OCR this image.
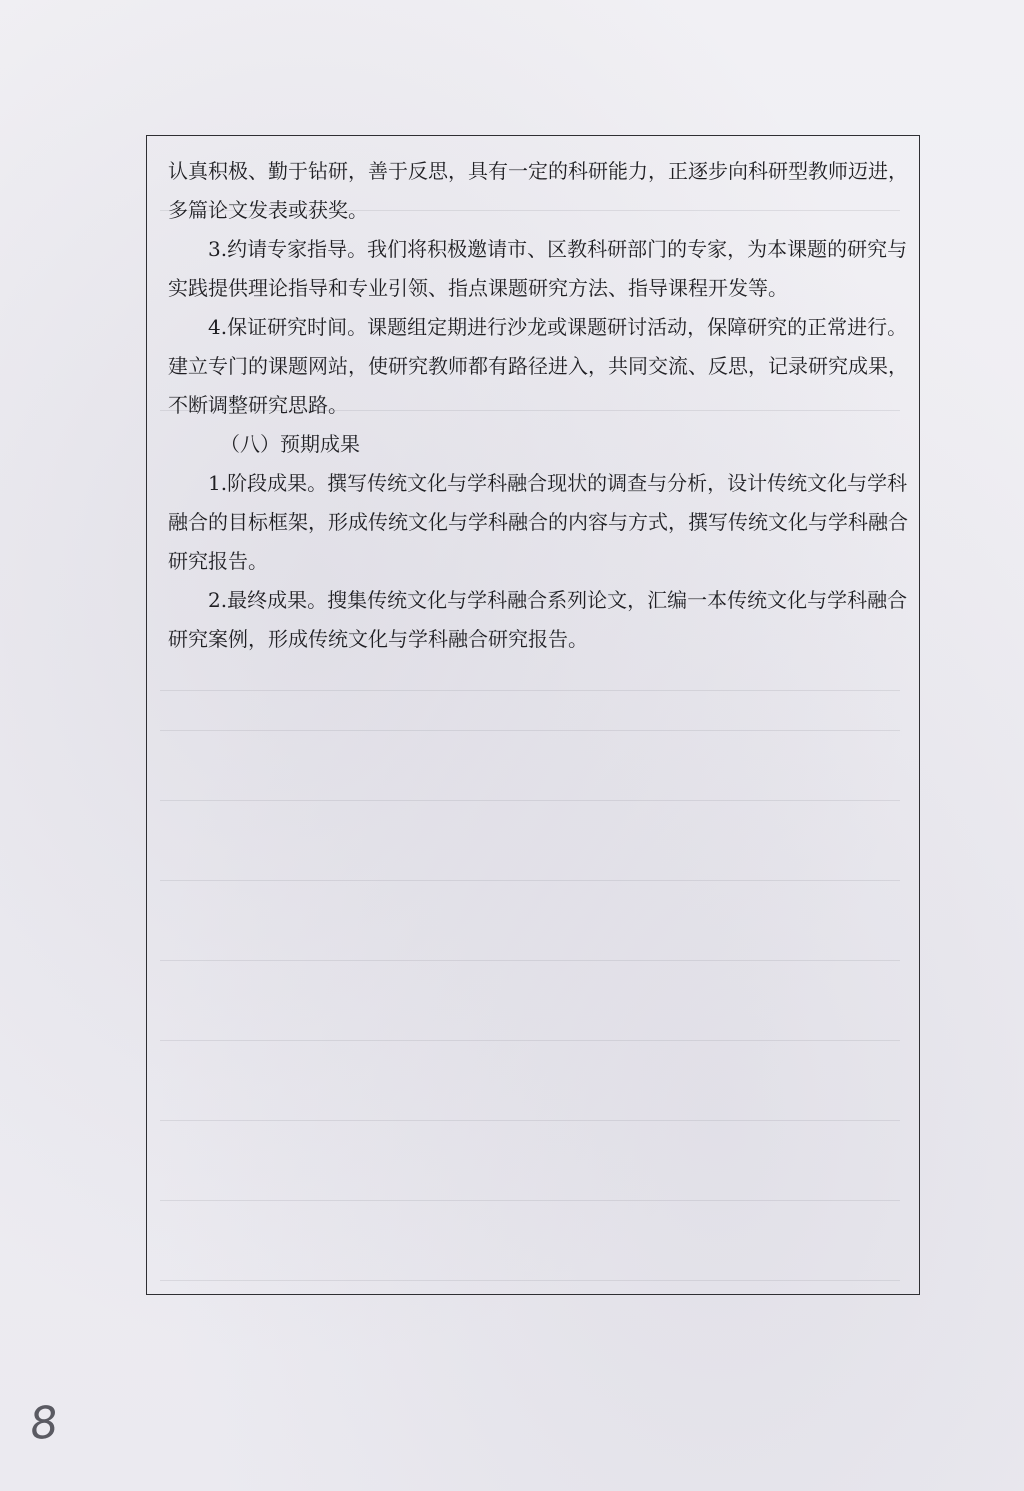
认真积极、勤于钻研，善于反思，具有一定的科研能力，正逐步向科研型教师迈进，多篇论文发表或获奖。

3.约请专家指导。我们将积极邀请市、区教科研部门的专家，为本课题的研究与实践提供理论指导和专业引领、指点课题研究方法、指导课程开发等。

4.保证研究时间。课题组定期进行沙龙或课题研讨活动，保障研究的正常进行。建立专门的课题网站，使研究教师都有路径进入，共同交流、反思，记录研究成果，不断调整研究思路。

（八）预期成果

1.阶段成果。撰写传统文化与学科融合现状的调查与分析，设计传统文化与学科融合的目标框架，形成传统文化与学科融合的内容与方式，撰写传统文化与学科融合研究报告。

2.最终成果。搜集传统文化与学科融合系列论文，汇编一本传统文化与学科融合研究案例，形成传统文化与学科融合研究报告。

8
